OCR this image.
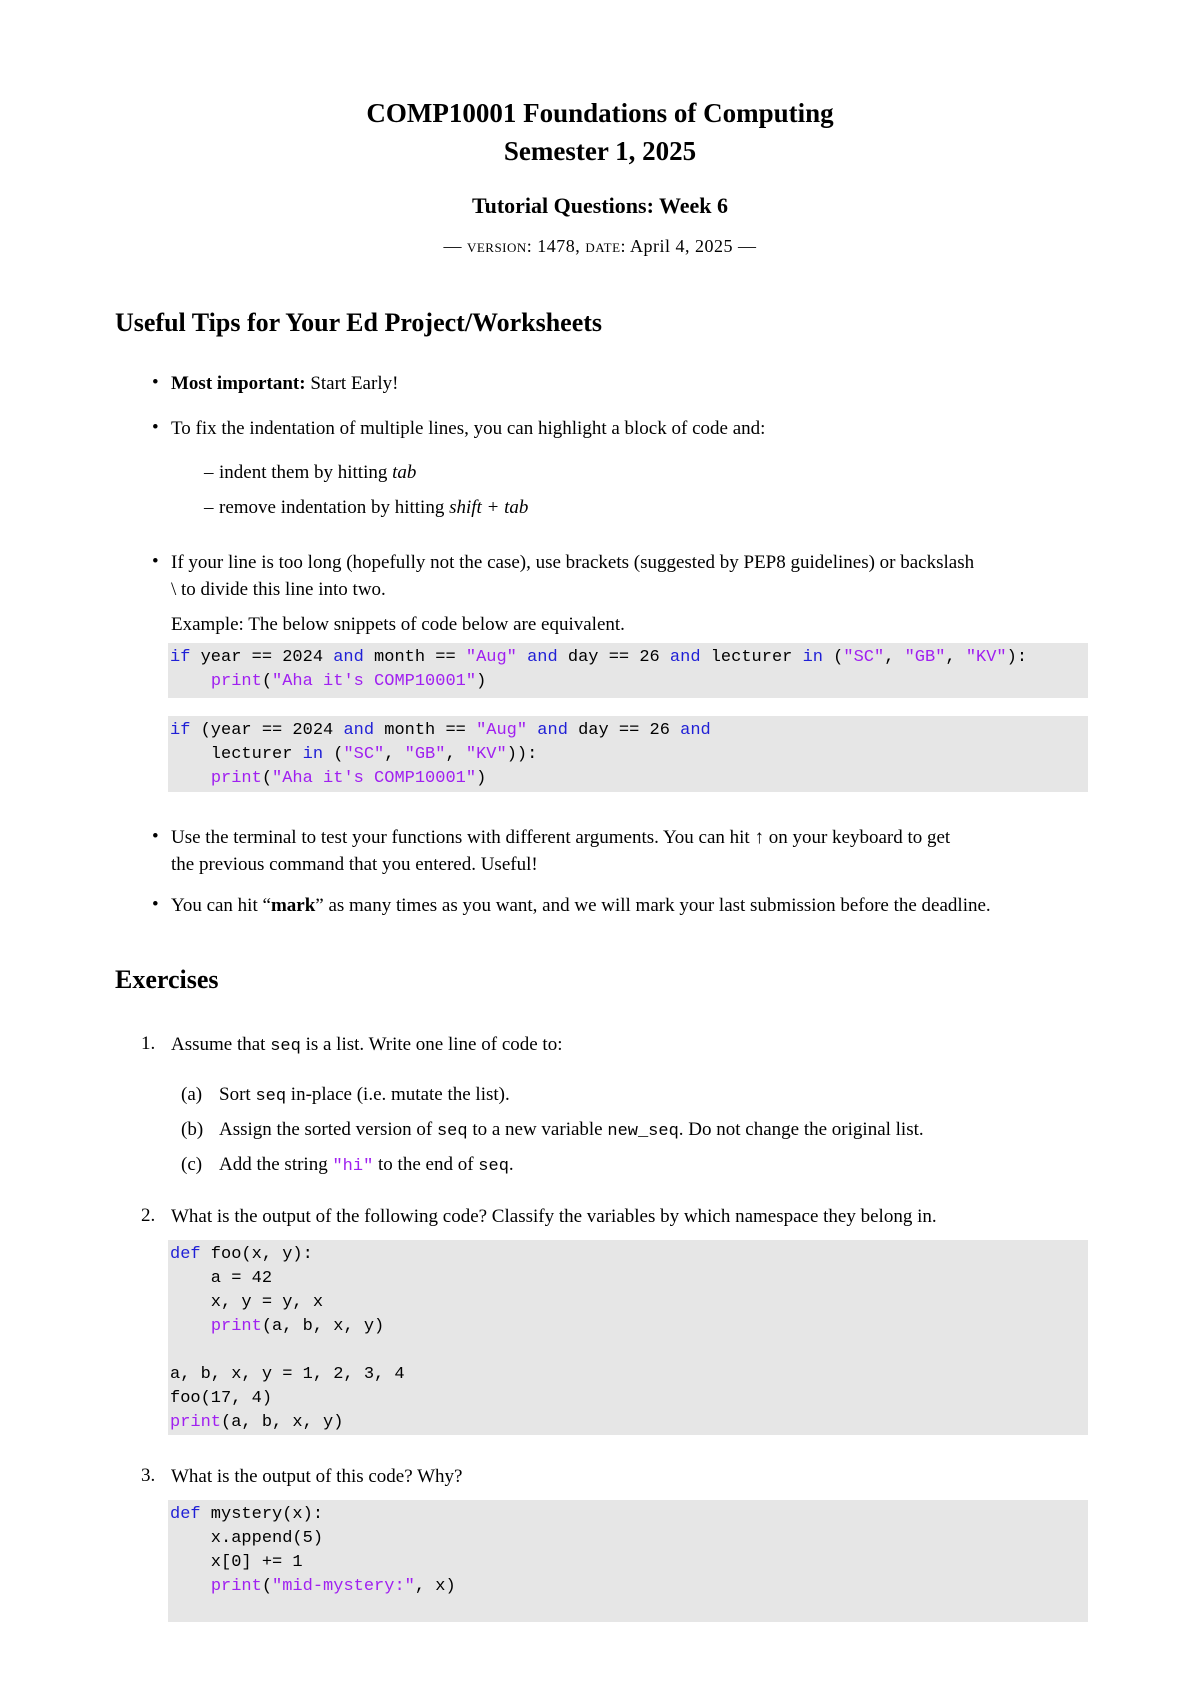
COMP10001 Foundations of Computing
Semester 1, 2025
Tutorial Questions: Week 6
— version: 1478, date: April 4, 2025 —
Useful Tips for Your Ed Project/Worksheets
• Most important: Start Early!
• To fix the indentation of multiple lines, you can highlight a block of code and:
– indent them by hitting tab
– remove indentation by hitting shift + tab
• If your line is too long (hopefully not the case), use brackets (suggested by PEP8 guidelines) or backslash
\ to divide this line into two.
Example: The below snippets of code below are equivalent.
if year == 2024 and month == "Aug" and day == 26 and lecturer in ("SC", "GB", "KV"):
print("Aha it's COMP10001")
if (year == 2024 and month == "Aug" and day == 26 and
lecturer in ("SC", "GB", "KV")):
print("Aha it's COMP10001")
• Use the terminal to test your functions with different arguments. You can hit ↑ on your keyboard to get
the previous command that you entered. Useful!
• You can hit “mark” as many times as you want, and we will mark your last submission before the deadline.
Exercises
1. Assume that seq is a list. Write one line of code to:
(a) Sort seq in-place (i.e. mutate the list).
(b) Assign the sorted version of seq to a new variable new_seq. Do not change the original list.
(c) Add the string "hi" to the end of seq.
2. What is the output of the following code? Classify the variables by which namespace they belong in.
def foo(x, y):
a = 42
x, y = y, x
print(a, b, x, y)

a, b, x, y = 1, 2, 3, 4
foo(17, 4)
print(a, b, x, y)
3. What is the output of this code? Why?
def mystery(x):
x.append(5)
x[0] += 1
print("mid-mystery:", x)
